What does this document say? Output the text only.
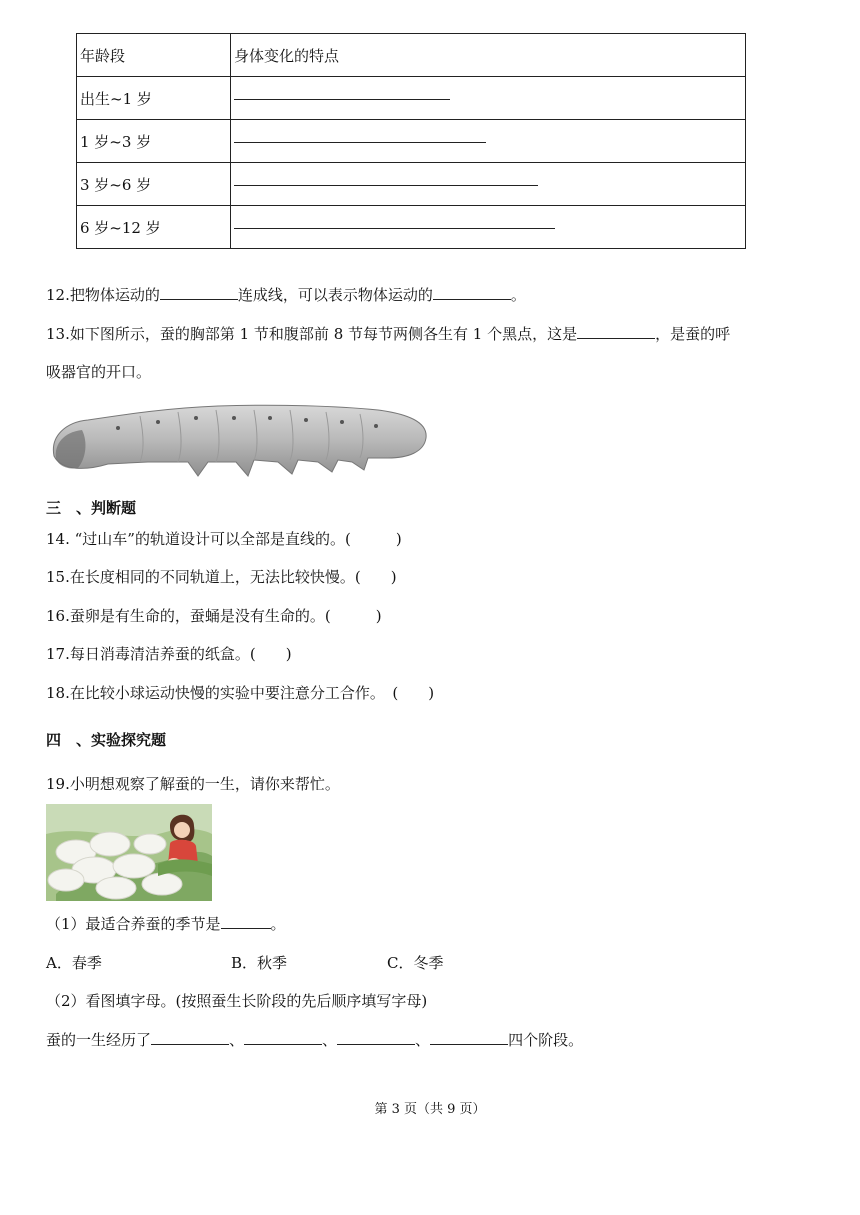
年龄段	身体变化的特点
出生~1 岁	
1 岁~3 岁	
3 岁~6 岁	
6 岁~12 岁	
12.把物体运动的	连成线，可以表示物体运动的	。
13.如下图所示，蚕的胸部第 1 节和腹部前 8 节每节两侧各生有 1 个黑点，这是	，是蚕的呼
吸器官的开口。
三　、判断题
14. “过山车”的轨道设计可以全部是直线的。(　　　)
15.在长度相同的不同轨道上，无法比较快慢。(　　)
16.蚕卵是有生命的，蚕蛹是没有生命的。(　　　)
17.每日消毒清洁养蚕的纸盒。(　　)
18.在比较小球运动快慢的实验中要注意分工合作。　(　　)
四　、实验探究题
19.小明想观察了解蚕的一生，请你来帮忙。
（1）最适合养蚕的季节是	。
A．春季	B．秋季	C．冬季
（2）看图填字母。(按照蚕生长阶段的先后顺序填写字母)
蚕的一生经历了	、	、	、	四个阶段。
第 3 页（共 9 页）
